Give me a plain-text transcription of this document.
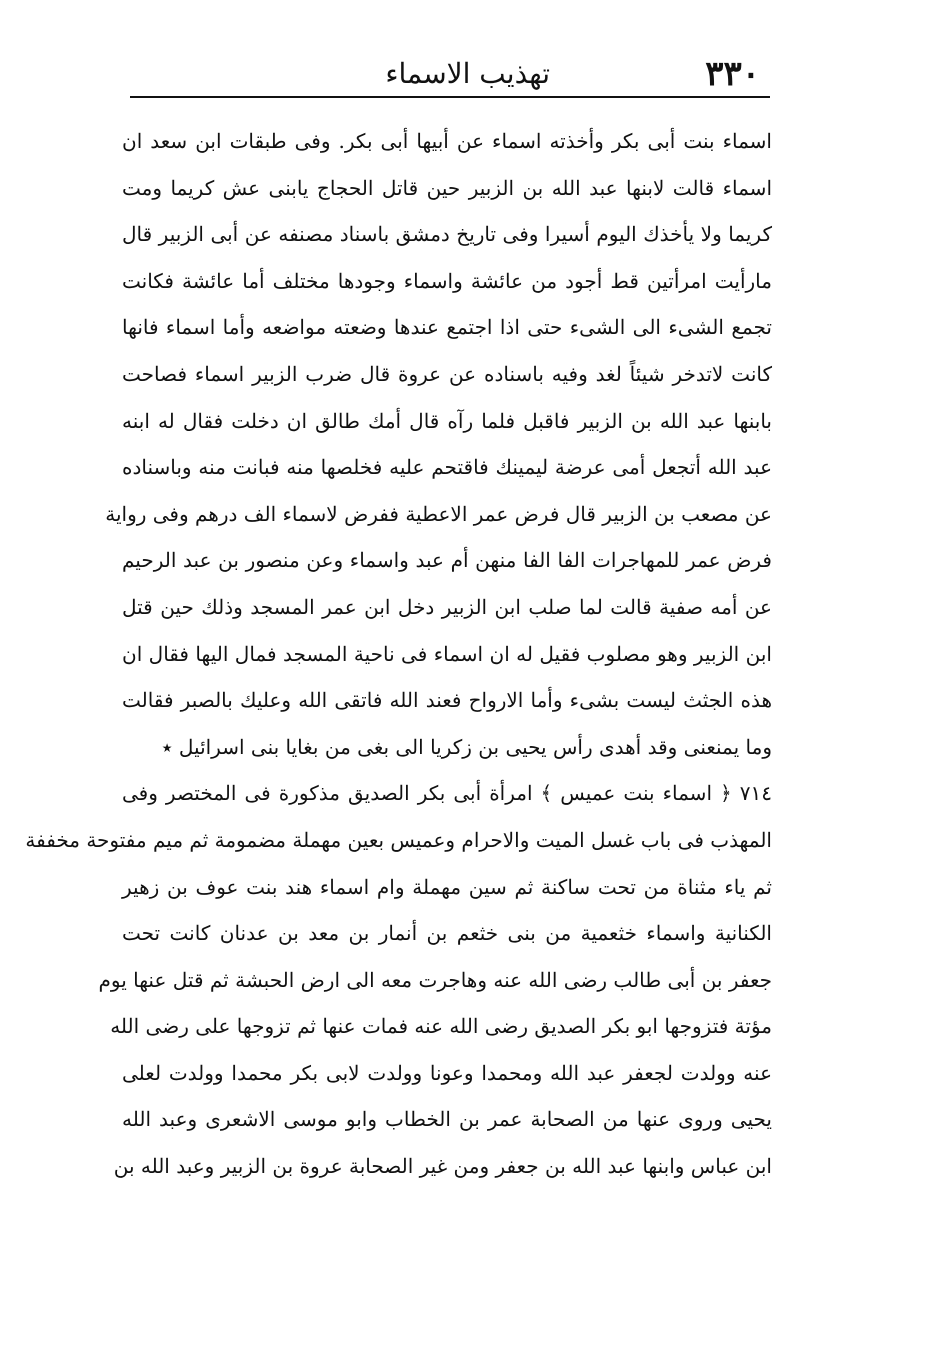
٣٣٠
تهذيب الاسماء
اسماء بنت أبى بكر وأخذته اسماء عن أبيها أبى بكر. وفى طبقات ابن سعد ان
اسماء قالت لابنها عبد الله بن الزبير حين قاتل الحجاج يابنى عش كريما ومت
كريما ولا يأخذك اليوم أسيرا وفى تاريخ دمشق باسناد مصنفه عن أبى الزبير قال
مارأيت امرأتين قط أجود من عائشة واسماء وجودها مختلف أما عائشة فكانت
تجمع الشىء الى الشىء حتى اذا اجتمع عندها وضعته مواضعه وأما اسماء فانها
كانت لاتدخر شيئاً لغد وفيه باسناده عن عروة قال ضرب الزبير اسماء فصاحت
بابنها عبد الله بن الزبير فاقبل فلما رآه قال أمك طالق ان دخلت فقال له ابنه
عبد الله أتجعل أمى عرضة ليمينك فاقتحم عليه فخلصها منه فبانت منه وباسناده
عن مصعب بن الزبير قال فرض عمر الاعطية ففرض لاسماء الف درهم وفى رواية
فرض عمر للمهاجرات الفا الفا منهن أم عبد واسماء وعن منصور بن عبد الرحيم
عن أمه صفية قالت لما صلب ابن الزبير دخل ابن عمر المسجد وذلك حين قتل
ابن الزبير وهو مصلوب فقيل له ان اسماء فى ناحية المسجد فمال اليها فقال ان
هذه الجثث ليست بشىء وأما الارواح فعند الله فاتقى الله وعليك بالصبر فقالت
وما يمنعنى وقد أهدى رأس يحيى بن زكريا الى بغى من بغايا بنى اسرائيل ٭
٧١٤ ﴿ اسماء بنت عميس ﴾ امرأة أبى بكر الصديق مذكورة فى المختصر وفى
المهذب فى باب غسل الميت والاحرام وعميس بعين مهملة مضمومة ثم ميم مفتوحة مخففة
ثم ياء مثناة من تحت ساكنة ثم سين مهملة وام اسماء هند بنت عوف بن زهير
الكنانية واسماء خثعمية من بنى خثعم بن أنمار بن معد بن عدنان كانت تحت
جعفر بن أبى طالب رضى الله عنه وهاجرت معه الى ارض الحبشة ثم قتل عنها يوم
مؤتة فتزوجها ابو بكر الصديق رضى الله عنه فمات عنها ثم تزوجها على رضى الله
عنه وولدت لجعفر عبد الله ومحمدا وعونا وولدت لابى بكر محمدا وولدت لعلى
يحيى وروى عنها من الصحابة عمر بن الخطاب وابو موسى الاشعرى وعبد الله
ابن عباس وابنها عبد الله بن جعفر ومن غير الصحابة عروة بن الزبير وعبد الله بن
